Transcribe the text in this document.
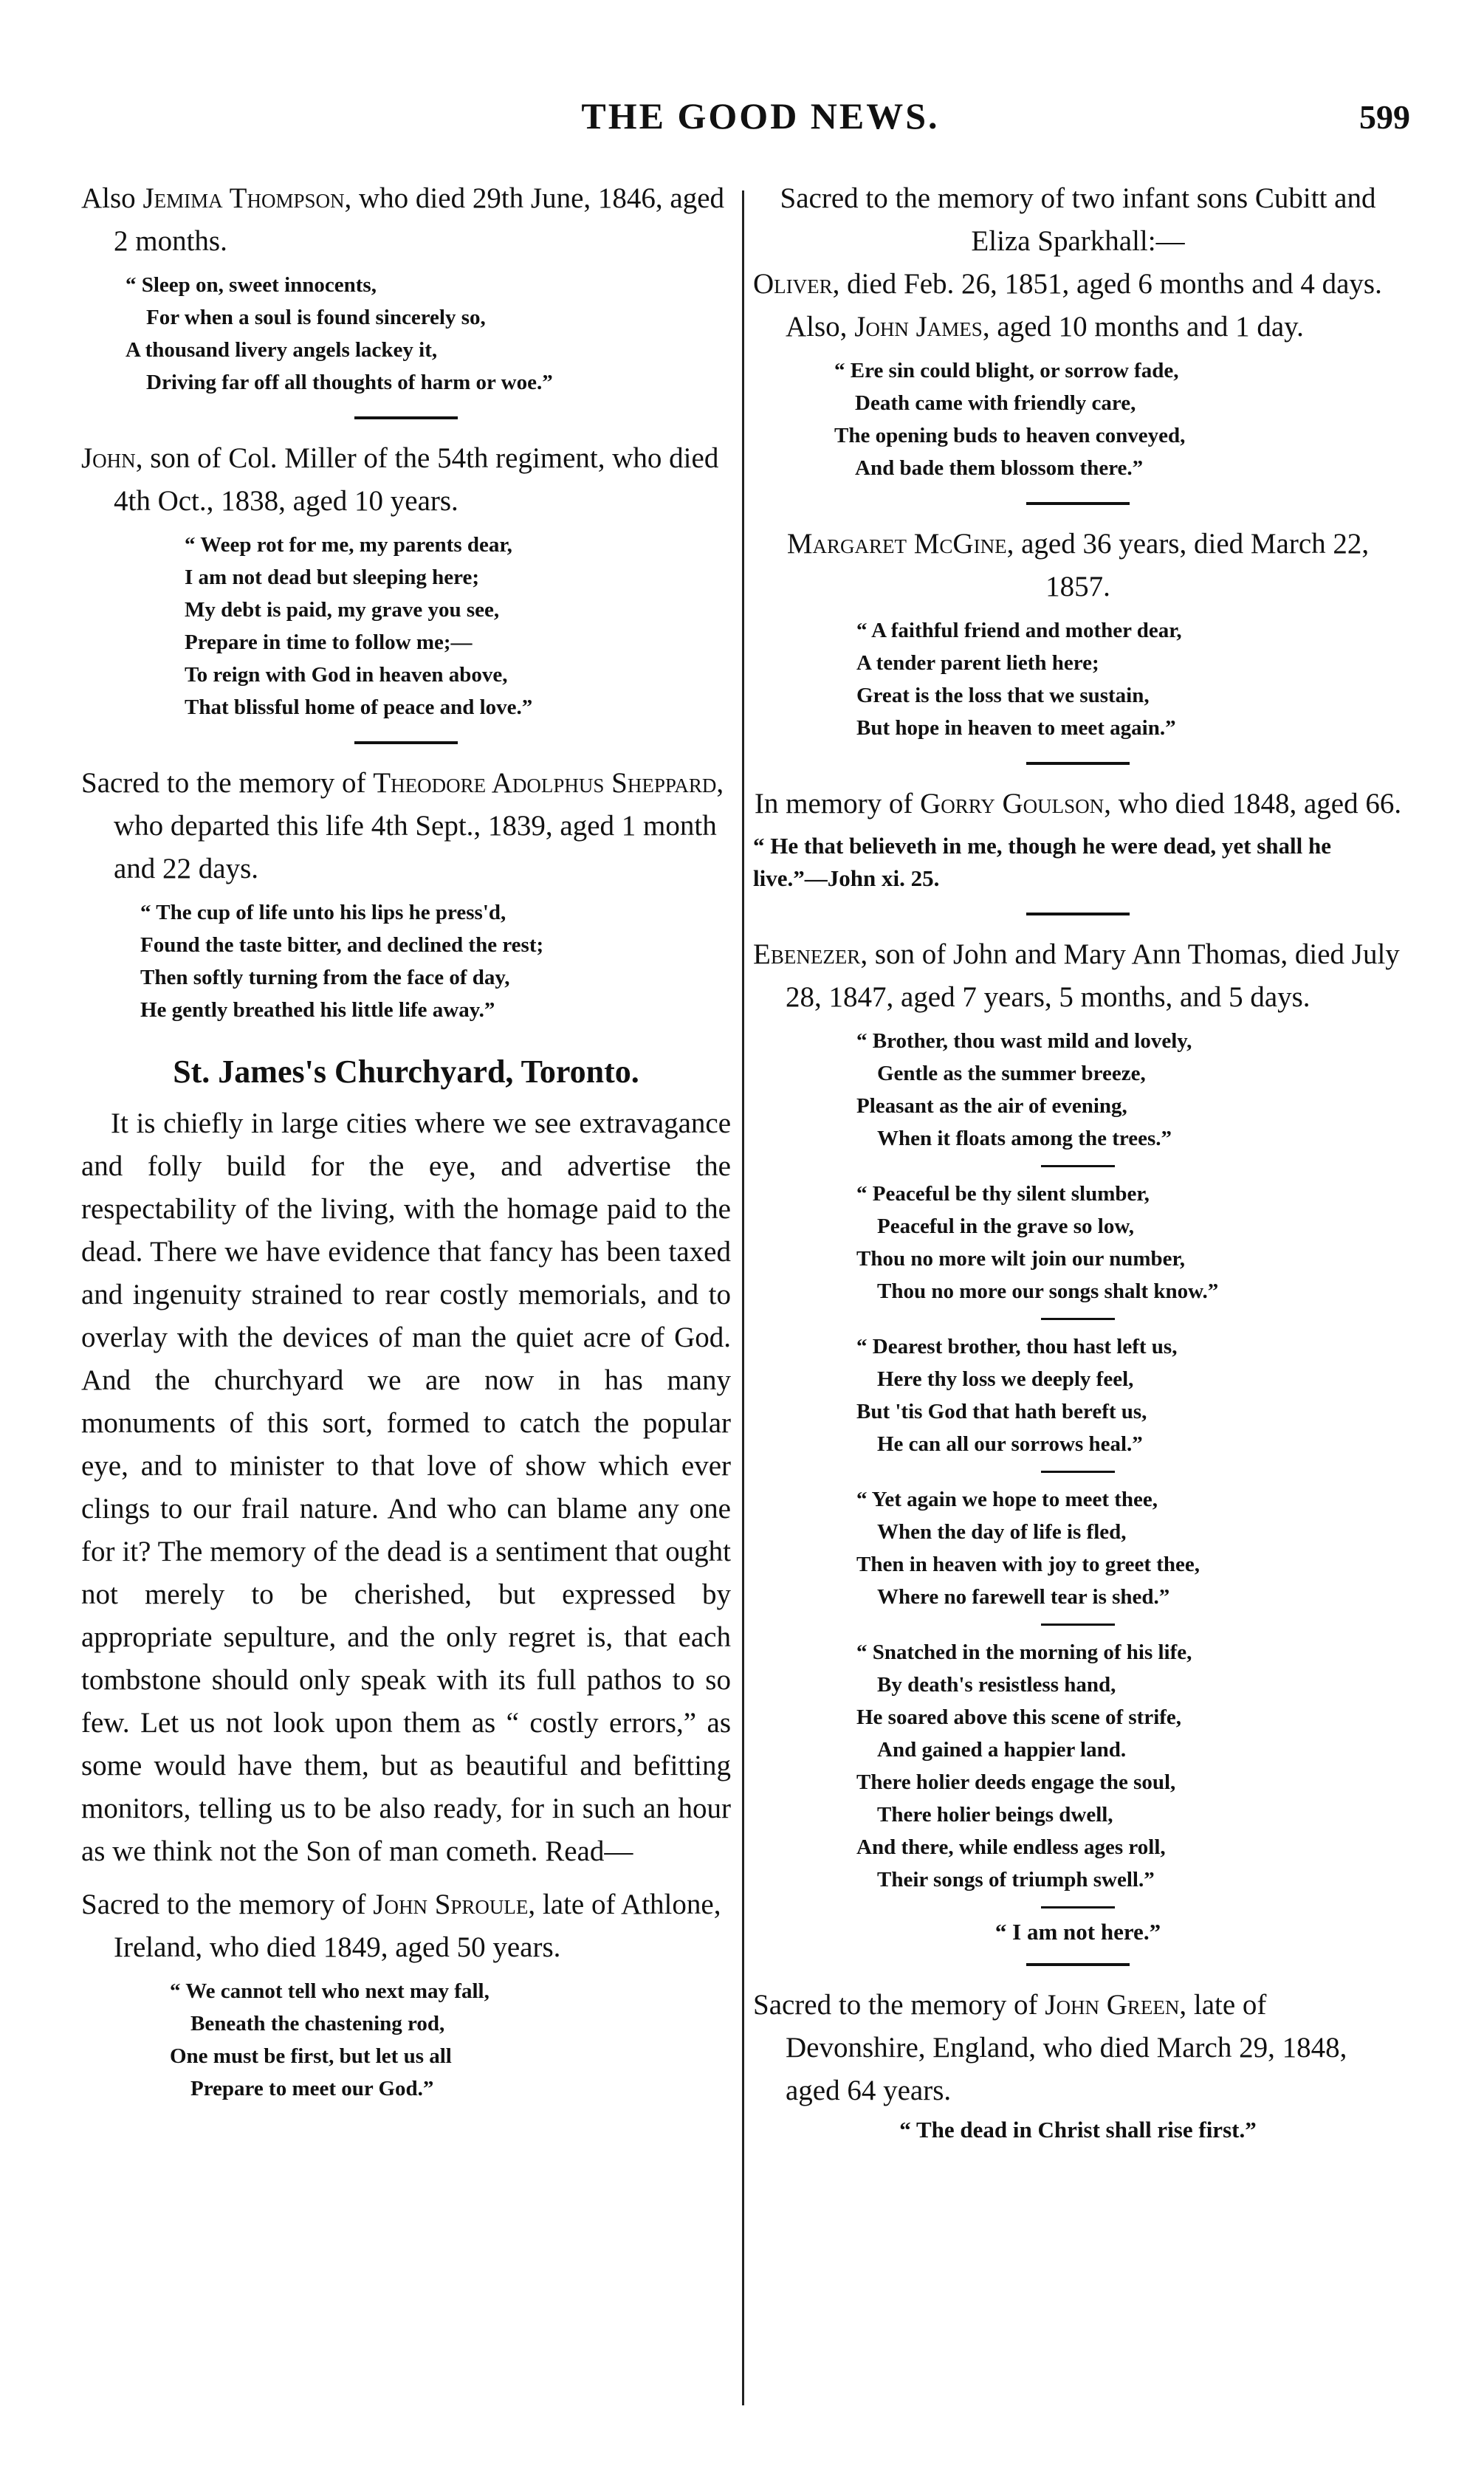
THE GOOD NEWS.	599

Also Jemima Thompson, who died 29th June, 1846, aged 2 months.

“ Sleep on, sweet innocents,
For when a soul is found sincerely so,
A thousand livery angels lackey it,
Driving far off all thoughts of harm or woe.”

John, son of Col. Miller of the 54th regiment, who died 4th Oct., 1838, aged 10 years.

“ Weep rot for me, my parents dear,
I am not dead but sleeping here;
My debt is paid, my grave you see,
Prepare in time to follow me;—
To reign with God in heaven above,
That blissful home of peace and love.”

Sacred to the memory of Theodore Adolphus Sheppard, who departed this life 4th Sept., 1839, aged 1 month and 22 days.

“ The cup of life unto his lips he press'd,
Found the taste bitter, and declined the rest;
Then softly turning from the face of day,
He gently breathed his little life away.”
St. James's Churchyard, Toronto.

It is chiefly in large cities where we see extravagance and folly build for the eye, and advertise the respectability of the living, with the homage paid to the dead. There we have evidence that fancy has been taxed and ingenuity strained to rear costly memorials, and to overlay with the devices of man the quiet acre of God. And the churchyard we are now in has many monuments of this sort, formed to catch the popular eye, and to minister to that love of show which ever clings to our frail nature. And who can blame any one for it? The memory of the dead is a sentiment that ought not merely to be cherished, but expressed by appropriate sepulture, and the only regret is, that each tombstone should only speak with its full pathos to so few. Let us not look upon them as “ costly errors,” as some would have them, but as beautiful and befitting monitors, telling us to be also ready, for in such an hour as we think not the Son of man cometh. Read—

Sacred to the memory of John Sproule, late of Athlone, Ireland, who died 1849, aged 50 years.

“ We cannot tell who next may fall,
Beneath the chastening rod,
One must be first, but let us all
Prepare to meet our God.”

Sacred to the memory of two infant sons Cubitt and Eliza Sparkhall:—

Oliver, died Feb. 26, 1851, aged 6 months and 4 days. Also, John James, aged 10 months and 1 day.

“ Ere sin could blight, or sorrow fade,
Death came with friendly care,
The opening buds to heaven conveyed,
And bade them blossom there.”

Margaret McGine, aged 36 years, died March 22, 1857.

“ A faithful friend and mother dear,
A tender parent lieth here;
Great is the loss that we sustain,
But hope in heaven to meet again.”

In memory of Gorry Goulson, who died 1848, aged 66.

“ He that believeth in me, though he were dead, yet shall he live.”—John xi. 25.

Ebenezer, son of John and Mary Ann Thomas, died July 28, 1847, aged 7 years, 5 months, and 5 days.

“ Brother, thou wast mild and lovely,
Gentle as the summer breeze,
Pleasant as the air of evening,
When it floats among the trees.”
“ Peaceful be thy silent slumber,
Peaceful in the grave so low,
Thou no more wilt join our number,
Thou no more our songs shalt know.”
“ Dearest brother, thou hast left us,
Here thy loss we deeply feel,
But 'tis God that hath bereft us,
He can all our sorrows heal.”
“ Yet again we hope to meet thee,
When the day of life is fled,
Then in heaven with joy to greet thee,
Where no farewell tear is shed.”
“ Snatched in the morning of his life,
By death's resistless hand,
He soared above this scene of strife,
And gained a happier land.
There holier deeds engage the soul,
There holier beings dwell,
And there, while endless ages roll,
Their songs of triumph swell.”
“ I am not here.”

Sacred to the memory of John Green, late of Devonshire, England, who died March 29, 1848, aged 64 years.

“ The dead in Christ shall rise first.”
